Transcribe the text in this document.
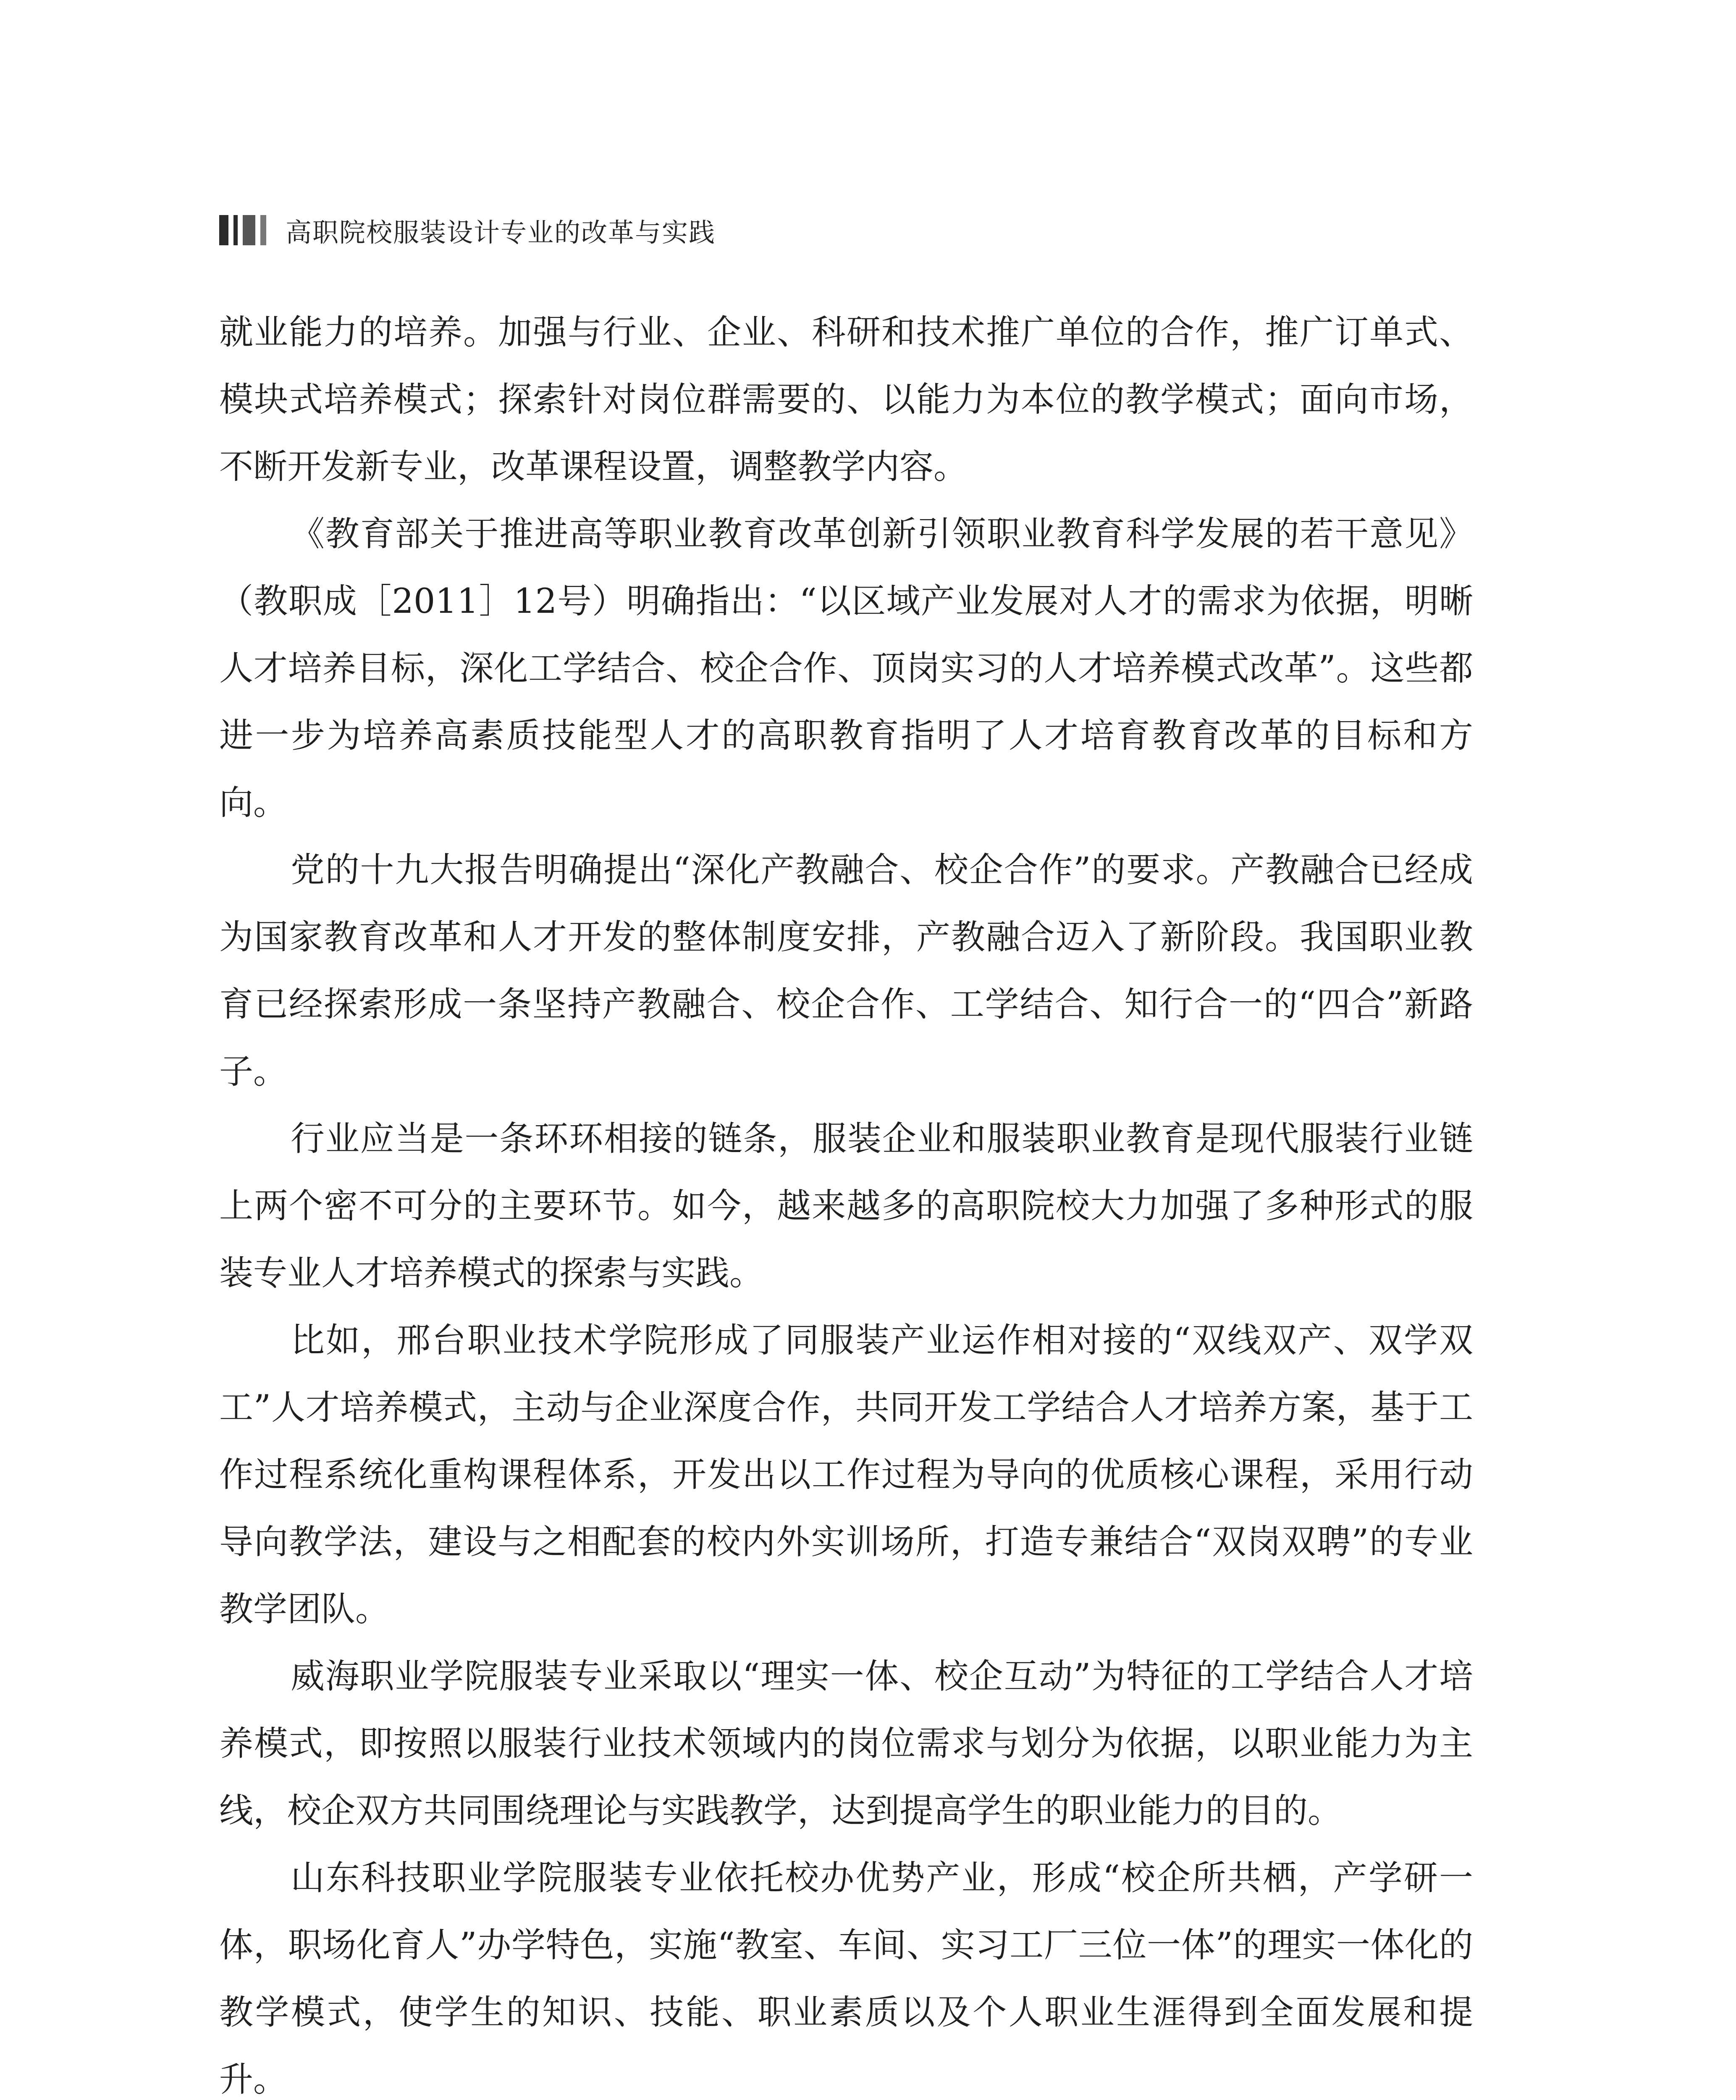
高职院校服装设计专业的改革与实践

就业能力的培养。加强与行业、企业、科研和技术推广单位的合作，推广订单式、模块式培养模式；探索针对岗位群需要的、以能力为本位的教学模式；面向市场，不断开发新专业，改革课程设置，调整教学内容。

《教育部关于推进高等职业教育改革创新引领职业教育科学发展的若干意见》（教职成［2011］12号）明确指出：“以区域产业发展对人才的需求为依据，明晰人才培养目标，深化工学结合、校企合作、顶岗实习的人才培养模式改革”。这些都进一步为培养高素质技能型人才的高职教育指明了人才培育教育改革的目标和方向。

党的十九大报告明确提出“深化产教融合、校企合作”的要求。产教融合已经成为国家教育改革和人才开发的整体制度安排，产教融合迈入了新阶段。我国职业教育已经探索形成一条坚持产教融合、校企合作、工学结合、知行合一的“四合”新路子。

行业应当是一条环环相接的链条，服装企业和服装职业教育是现代服装行业链上两个密不可分的主要环节。如今，越来越多的高职院校大力加强了多种形式的服装专业人才培养模式的探索与实践。

比如，邢台职业技术学院形成了同服装产业运作相对接的“双线双产、双学双工”人才培养模式，主动与企业深度合作，共同开发工学结合人才培养方案，基于工作过程系统化重构课程体系，开发出以工作过程为导向的优质核心课程，采用行动导向教学法，建设与之相配套的校内外实训场所，打造专兼结合“双岗双聘”的专业教学团队。

威海职业学院服装专业采取以“理实一体、校企互动”为特征的工学结合人才培养模式，即按照以服装行业技术领域内的岗位需求与划分为依据，以职业能力为主线，校企双方共同围绕理论与实践教学，达到提高学生的职业能力的目的。

山东科技职业学院服装专业依托校办优势产业，形成“校企所共栖，产学研一体，职场化育人”办学特色，实施“教室、车间、实习工厂三位一体”的理实一体化的教学模式，使学生的知识、技能、职业素质以及个人职业生涯得到全面发展和提升。
